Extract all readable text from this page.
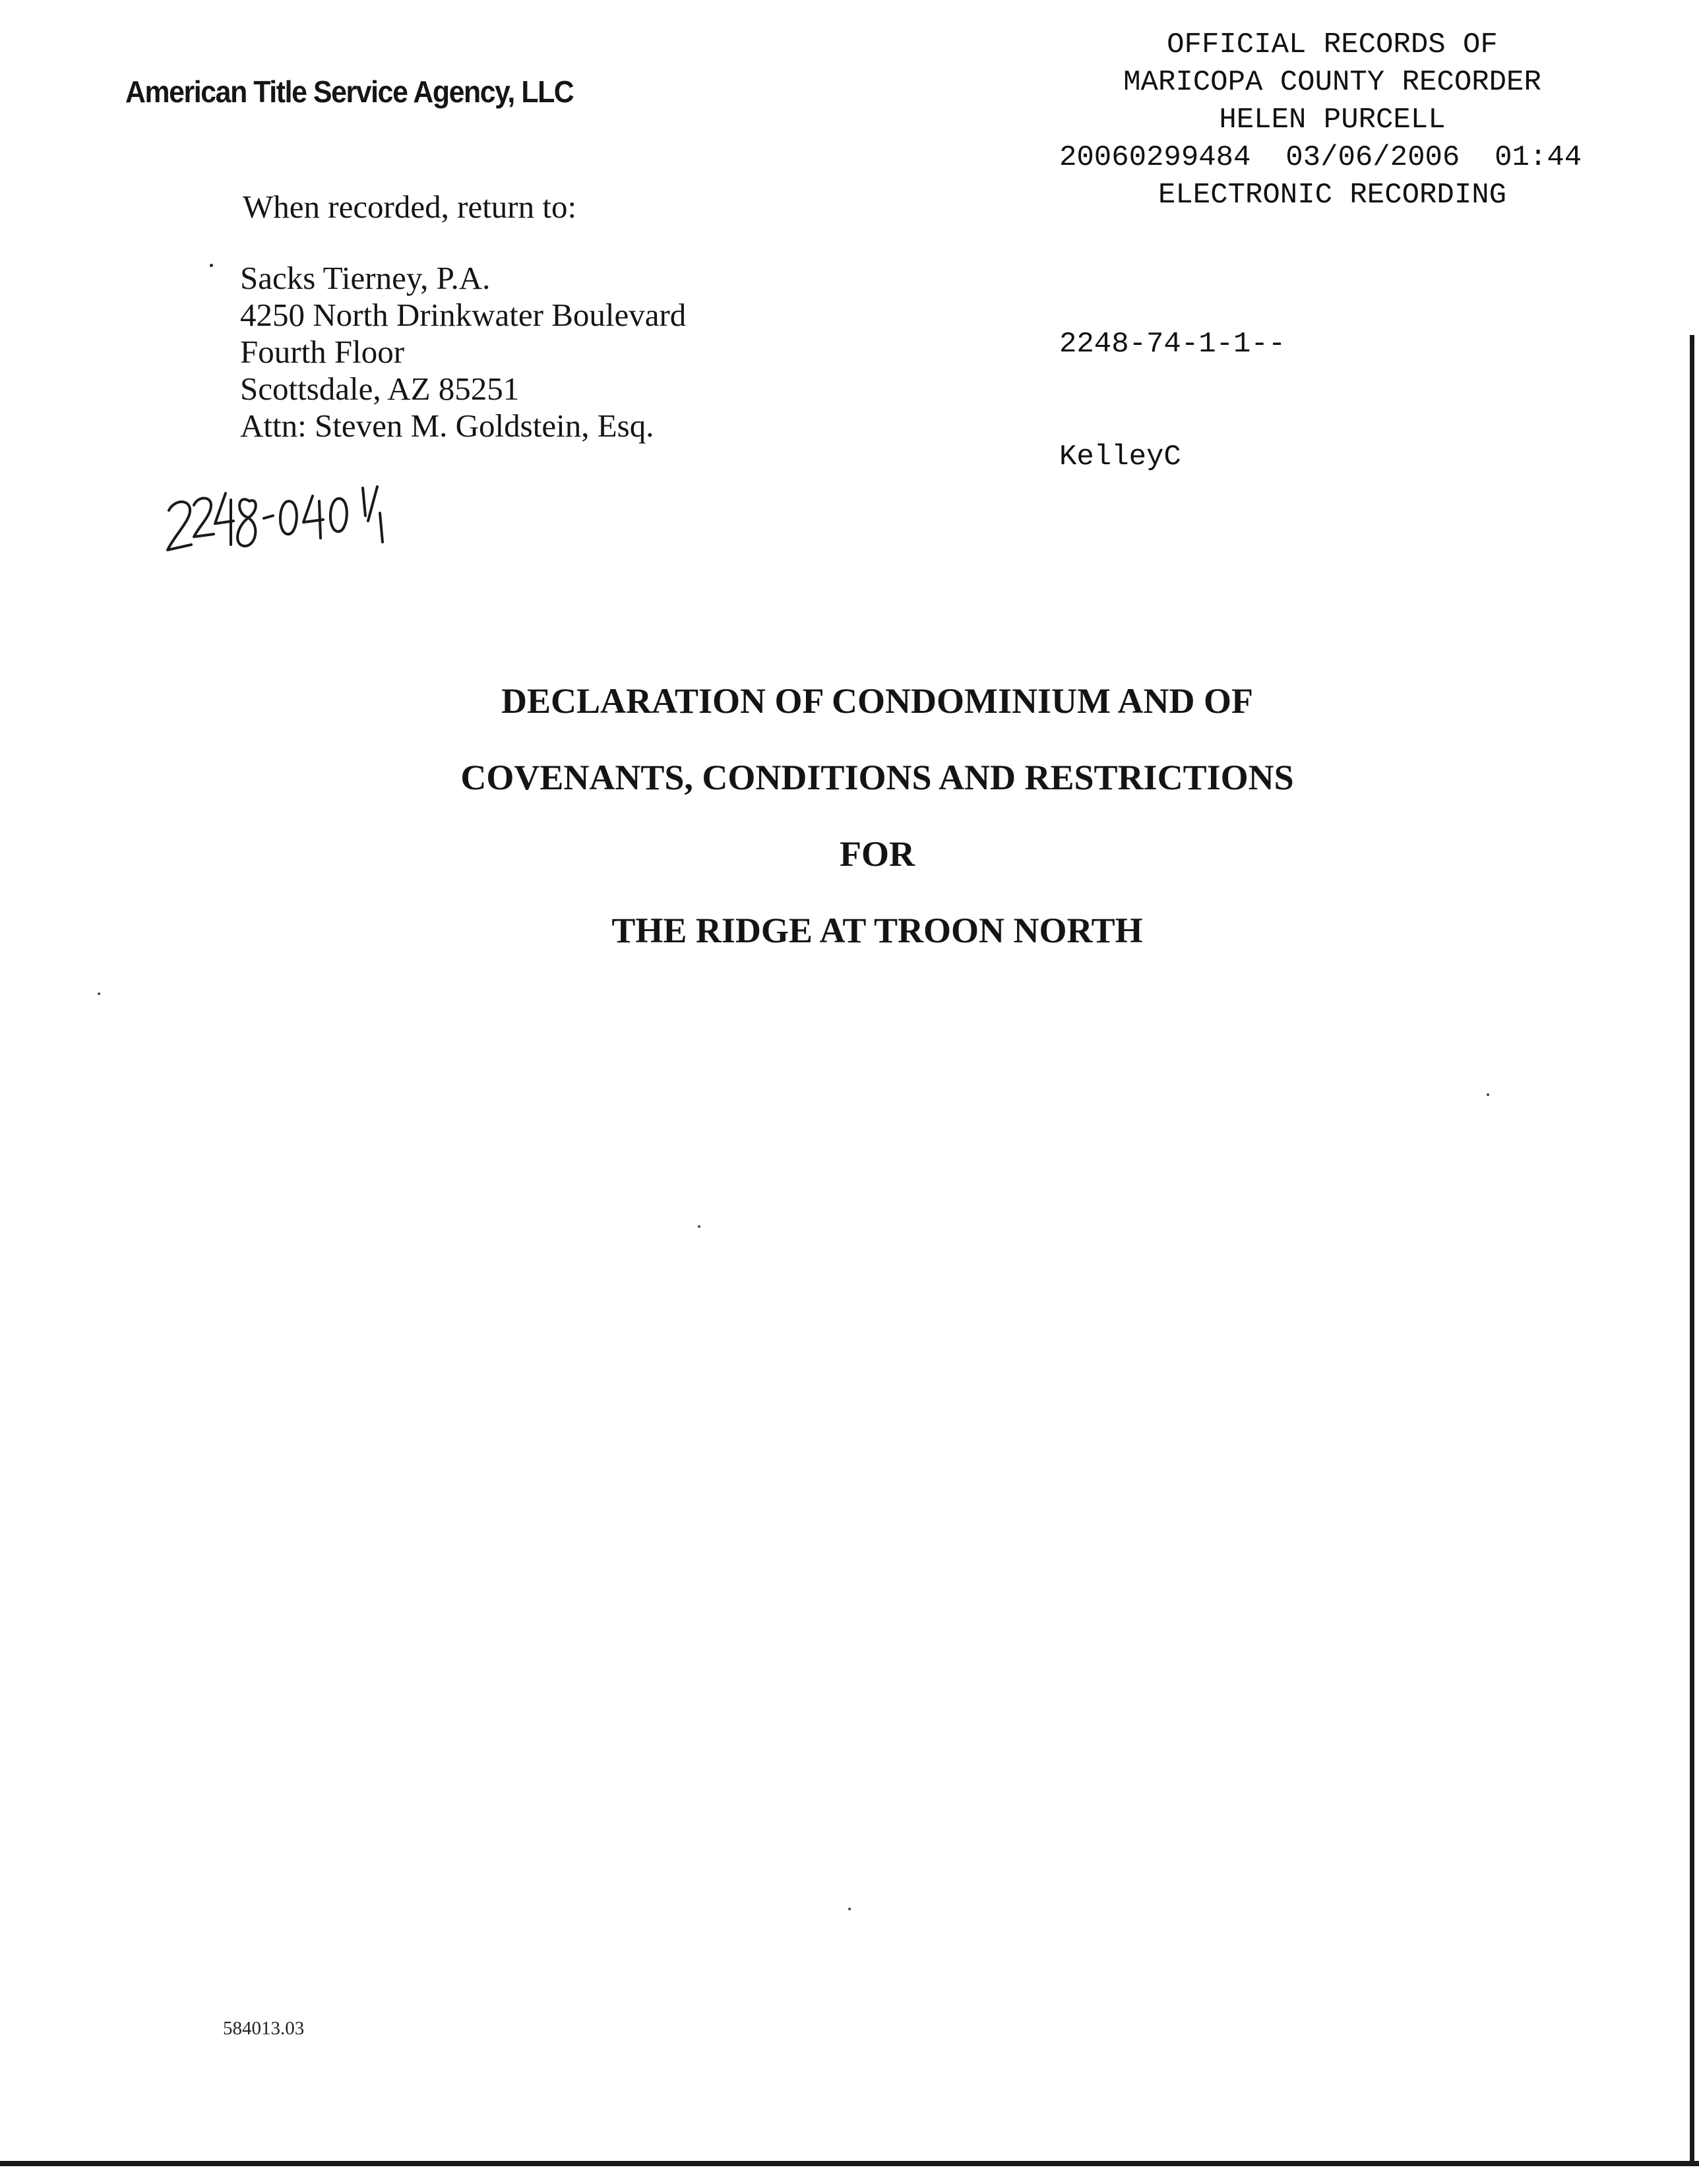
American Title Service Agency, LLC
OFFICIAL RECORDS OF
MARICOPA COUNTY RECORDER
HELEN PURCELL
20060299484  03/06/2006  01:44
ELECTRONIC RECORDING

2248-74-1-1--

KelleyC

When recorded, return to:
Sacks Tierney, P.A.
4250 North Drinkwater Boulevard
Fourth Floor
Scottsdale, AZ 85251
Attn: Steven M. Goldstein, Esq.
DECLARATION OF CONDOMINIUM AND OF
COVENANTS, CONDITIONS AND RESTRICTIONS
FOR
THE RIDGE AT TROON NORTH
584013.03
